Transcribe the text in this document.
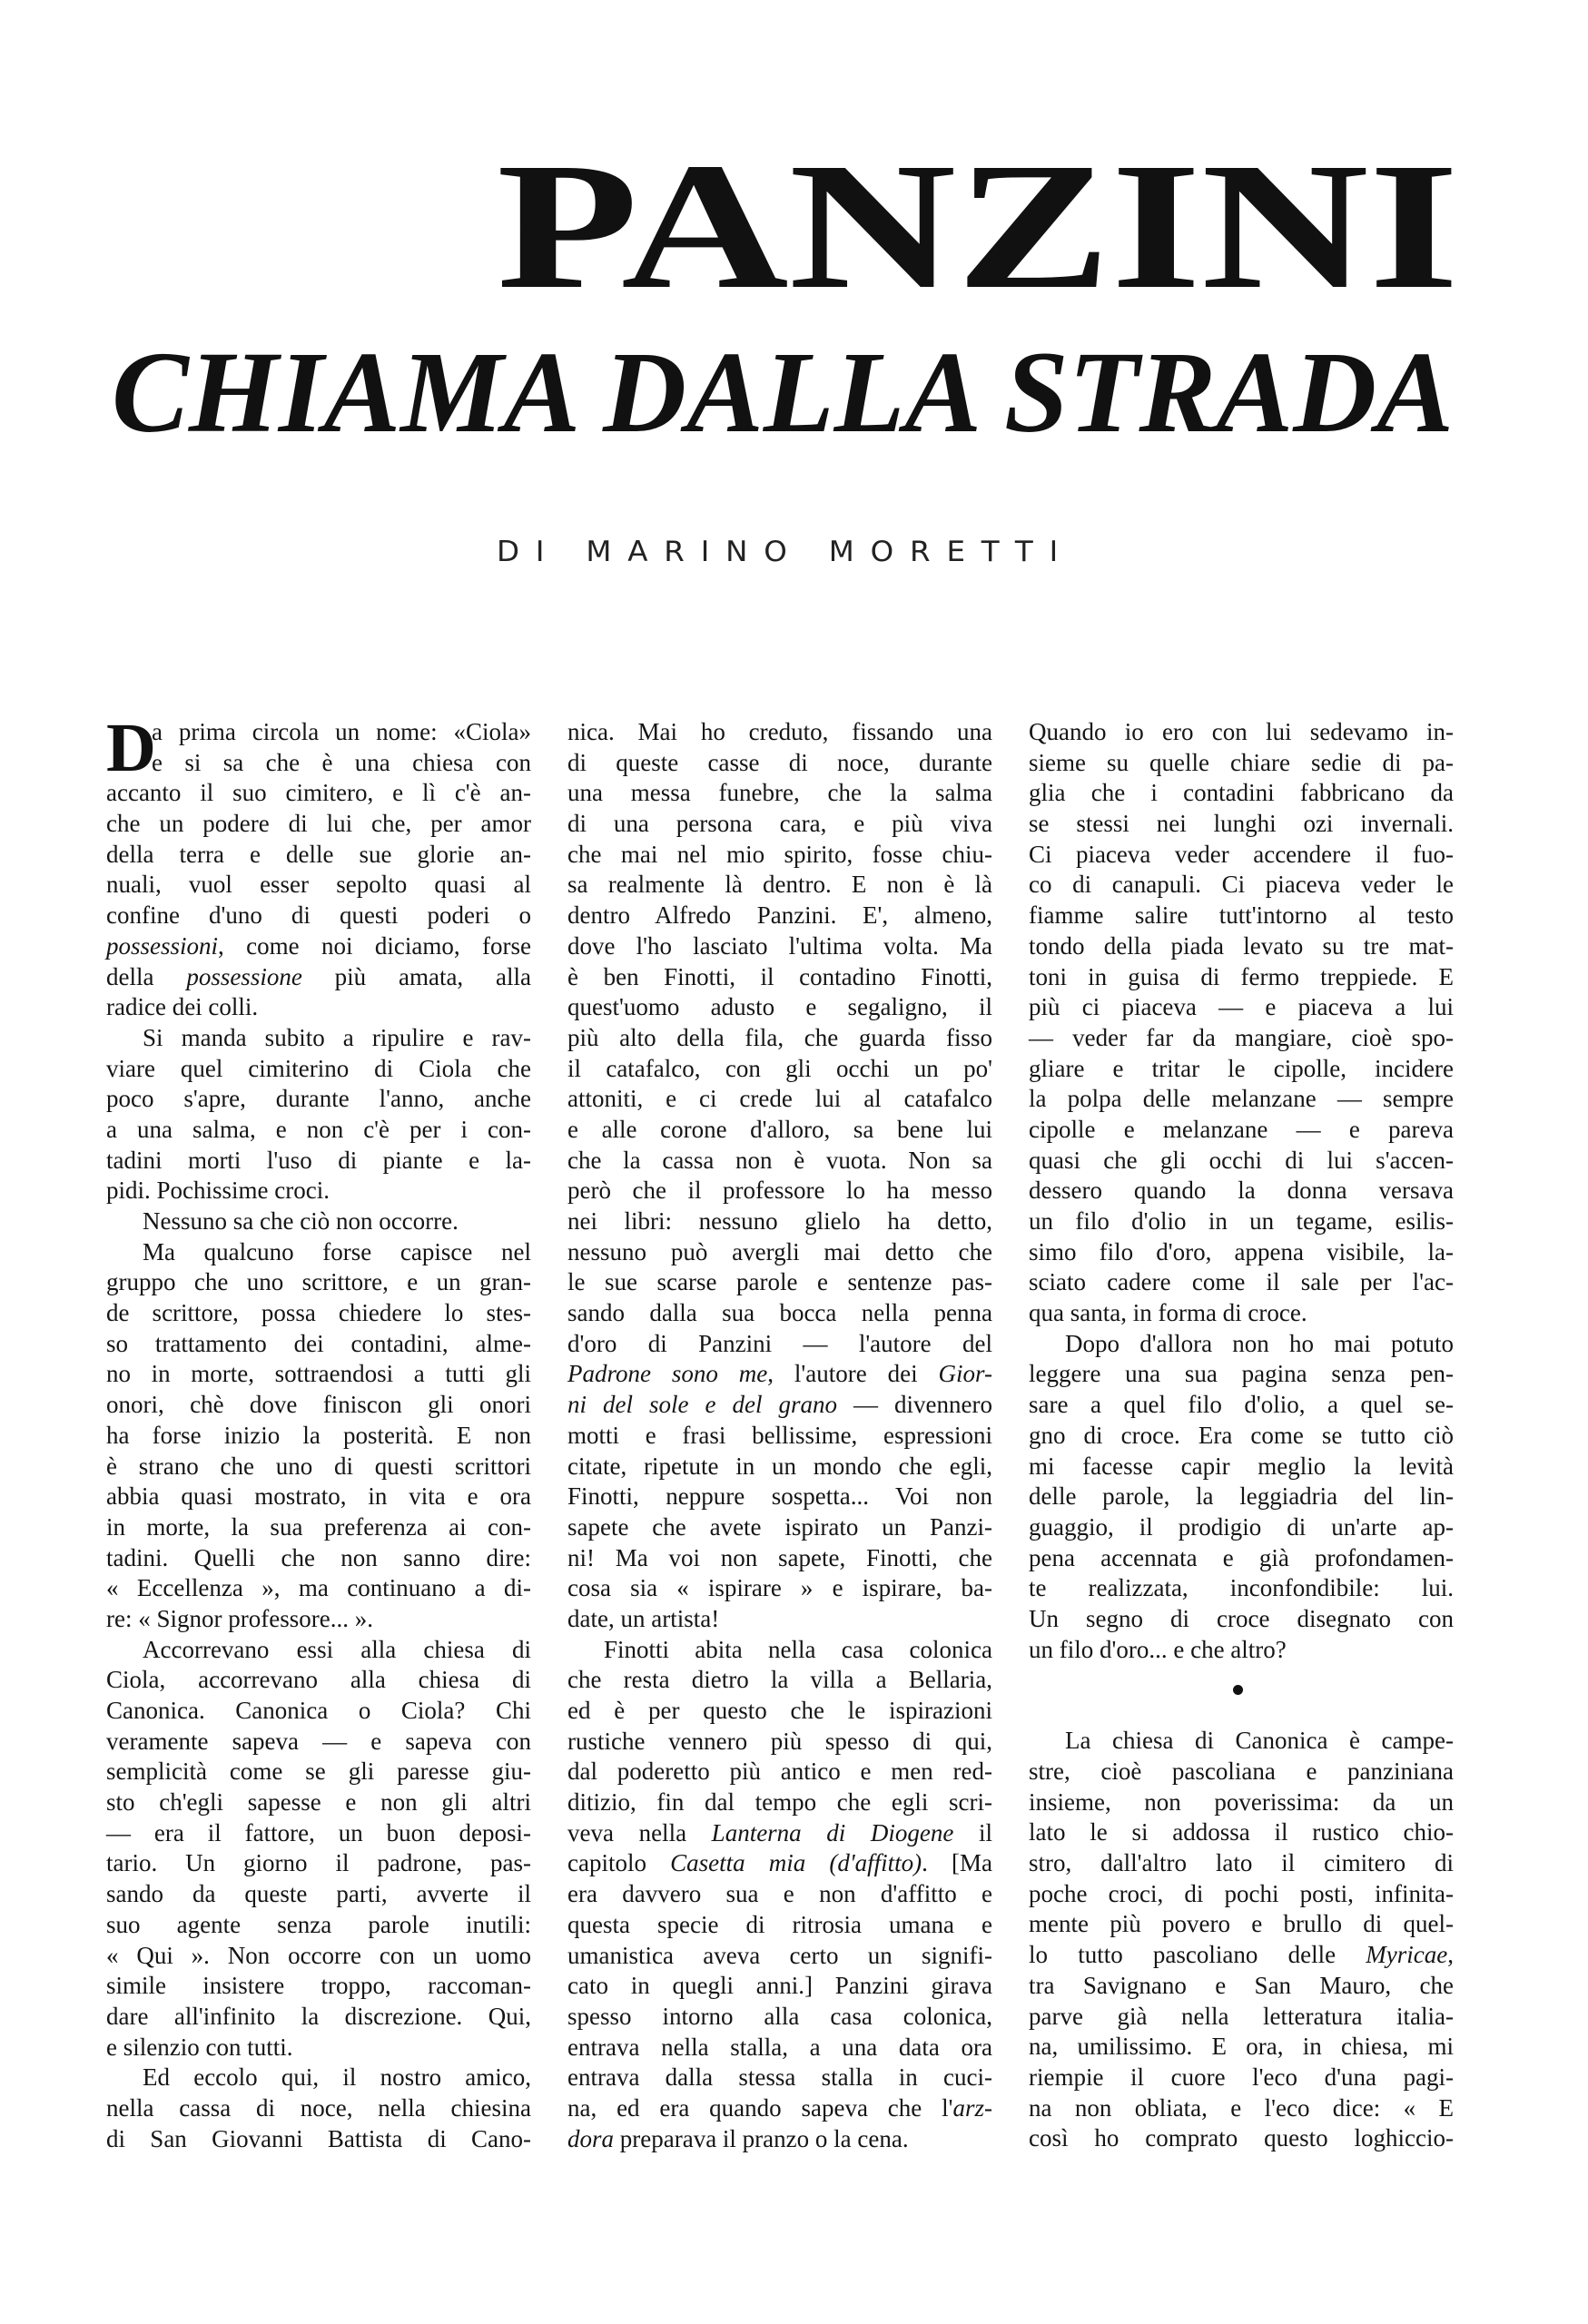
PANZINI
CHIAMA DALLA STRADA
DI MARINO MORETTI
D
a prima circola un nome: «Ciola»
e si sa che è una chiesa con
accanto il suo cimitero, e lì c'è an-
che un podere di lui che, per amor
della terra e delle sue glorie an-
nuali, vuol esser sepolto quasi al
confine d'uno di questi poderi o
possessioni, come noi diciamo, forse
della possessione più amata, alla
radice dei colli.
Si manda subito a ripulire e rav-
viare quel cimiterino di Ciola che
poco s'apre, durante l'anno, anche
a una salma, e non c'è per i con-
tadini morti l'uso di piante e la-
pidi. Pochissime croci.
Nessuno sa che ciò non occorre.
Ma qualcuno forse capisce nel
gruppo che uno scrittore, e un gran-
de scrittore, possa chiedere lo stes-
so trattamento dei contadini, alme-
no in morte, sottraendosi a tutti gli
onori, chè dove finiscon gli onori
ha forse inizio la posterità. E non
è strano che uno di questi scrittori
abbia quasi mostrato, in vita e ora
in morte, la sua preferenza ai con-
tadini. Quelli che non sanno dire:
« Eccellenza », ma continuano a di-
re: « Signor professore... ».
Accorrevano essi alla chiesa di
Ciola, accorrevano alla chiesa di
Canonica. Canonica o Ciola? Chi
veramente sapeva — e sapeva con
semplicità come se gli paresse giu-
sto ch'egli sapesse e non gli altri
— era il fattore, un buon deposi-
tario. Un giorno il padrone, pas-
sando da queste parti, avverte il
suo agente senza parole inutili:
« Qui ». Non occorre con un uomo
simile insistere troppo, raccoman-
dare all'infinito la discrezione. Qui,
e silenzio con tutti.
Ed eccolo qui, il nostro amico,
nella cassa di noce, nella chiesina
di San Giovanni Battista di Cano-
nica. Mai ho creduto, fissando una
di queste casse di noce, durante
una messa funebre, che la salma
di una persona cara, e più viva
che mai nel mio spirito, fosse chiu-
sa realmente là dentro. E non è là
dentro Alfredo Panzini. E', almeno,
dove l'ho lasciato l'ultima volta. Ma
è ben Finotti, il contadino Finotti,
quest'uomo adusto e segaligno, il
più alto della fila, che guarda fisso
il catafalco, con gli occhi un po'
attoniti, e ci crede lui al catafalco
e alle corone d'alloro, sa bene lui
che la cassa non è vuota. Non sa
però che il professore lo ha messo
nei libri: nessuno glielo ha detto,
nessuno può avergli mai detto che
le sue scarse parole e sentenze pas-
sando dalla sua bocca nella penna
d'oro di Panzini — l'autore del
Padrone sono me, l'autore dei Gior-
ni del sole e del grano — divennero
motti e frasi bellissime, espressioni
citate, ripetute in un mondo che egli,
Finotti, neppure sospetta... Voi non
sapete che avete ispirato un Panzi-
ni! Ma voi non sapete, Finotti, che
cosa sia « ispirare » e ispirare, ba-
date, un artista!
Finotti abita nella casa colonica
che resta dietro la villa a Bellaria,
ed è per questo che le ispirazioni
rustiche vennero più spesso di qui,
dal poderetto più antico e men red-
ditizio, fin dal tempo che egli scri-
veva nella Lanterna di Diogene il
capitolo Casetta mia (d'affitto). [Ma
era davvero sua e non d'affitto e
questa specie di ritrosia umana e
umanistica aveva certo un signifi-
cato in quegli anni.] Panzini girava
spesso intorno alla casa colonica,
entrava nella stalla, a una data ora
entrava dalla stessa stalla in cuci-
na, ed era quando sapeva che l'arz-
dora preparava il pranzo o la cena.
Quando io ero con lui sedevamo in-
sieme su quelle chiare sedie di pa-
glia che i contadini fabbricano da
se stessi nei lunghi ozi invernali.
Ci piaceva veder accendere il fuo-
co di canapuli. Ci piaceva veder le
fiamme salire tutt'intorno al testo
tondo della piada levato su tre mat-
toni in guisa di fermo treppiede. E
più ci piaceva — e piaceva a lui
— veder far da mangiare, cioè spo-
gliare e tritar le cipolle, incidere
la polpa delle melanzane — sempre
cipolle e melanzane — e pareva
quasi che gli occhi di lui s'accen-
dessero quando la donna versava
un filo d'olio in un tegame, esilis-
simo filo d'oro, appena visibile, la-
sciato cadere come il sale per l'ac-
qua santa, in forma di croce.
Dopo d'allora non ho mai potuto
leggere una sua pagina senza pen-
sare a quel filo d'olio, a quel se-
gno di croce. Era come se tutto ciò
mi facesse capir meglio la levità
delle parole, la leggiadria del lin-
guaggio, il prodigio di un'arte ap-
pena accennata e già profondamen-
te realizzata, inconfondibile: lui.
Un segno di croce disegnato con
un filo d'oro... e che altro?
La chiesa di Canonica è campe-
stre, cioè pascoliana e panziniana
insieme, non poverissima: da un
lato le si addossa il rustico chio-
stro, dall'altro lato il cimitero di
poche croci, di pochi posti, infinita-
mente più povero e brullo di quel-
lo tutto pascoliano delle Myricae,
tra Savignano e San Mauro, che
parve già nella letteratura italia-
na, umilissimo. E ora, in chiesa, mi
riempie il cuore l'eco d'una pagi-
na non obliata, e l'eco dice: « E
così ho comprato questo loghiccio-
